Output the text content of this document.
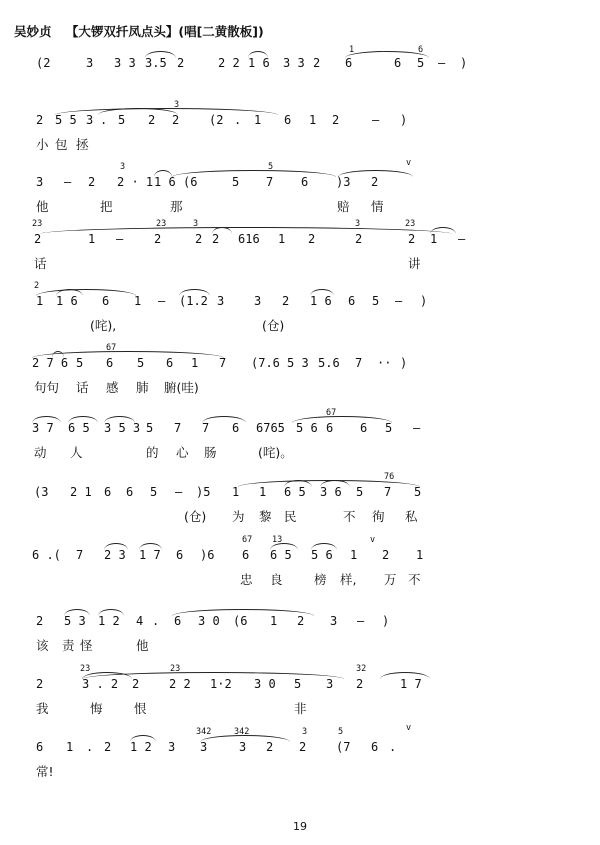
吴妙贞 【大锣双扦凤点头】(唱[二黄散板])
(2	3 3 3 3.5 2	2 2 1 6 3 3 2 6	6 5 – )
1	6
2 5 5 3 . 5 2 2 (2 . 1 6 1 2	– )
3
小 包 拯
3 – 2 2 · 1 1 6 (6	5 7 6 )3 2
3	5	v
他	把	那	赔 情
2	1 –	2	2 2 616 1 2	2	2 1 –
23	23	3	3	23
话	讲
1 1 6 6 1 – (1.2 3 3 2 1 6 6 5 – )
2
(咤),	(仓)
2 7 6 5 6 5 6 1 7 (7.6 5 3 5.6 7 ·· )
67
句句 话 感 肺 腑(哇)
3 7 6 5 3 5 3 5 7 7 6 6765 5 6 6 6 5 –
67
动 人	的 心 肠	(咤)。
(3 2 1 6 6 5 – )5 1 1 6 5 3 6 5 7 5
76
(仓) 为 黎 民	不 徇 私
6 .( 7 2 3 1 7 6 )6 6 6 5 5 6 1 2 1
67 13	v
忠 良	榜 样, 万 不
2 5 3 1 2 4 . 6 3 0 (6 1 2 3 – )
该 责 怪	他
2	3 . 2 2 2 2 1·2 3 0 5 3 2	1 7
23	23	32
我	悔	恨	非
6 1 . 2 1 2 3 3	3 2 2 (7 6 .
342	342	3	5	v
常!
19
